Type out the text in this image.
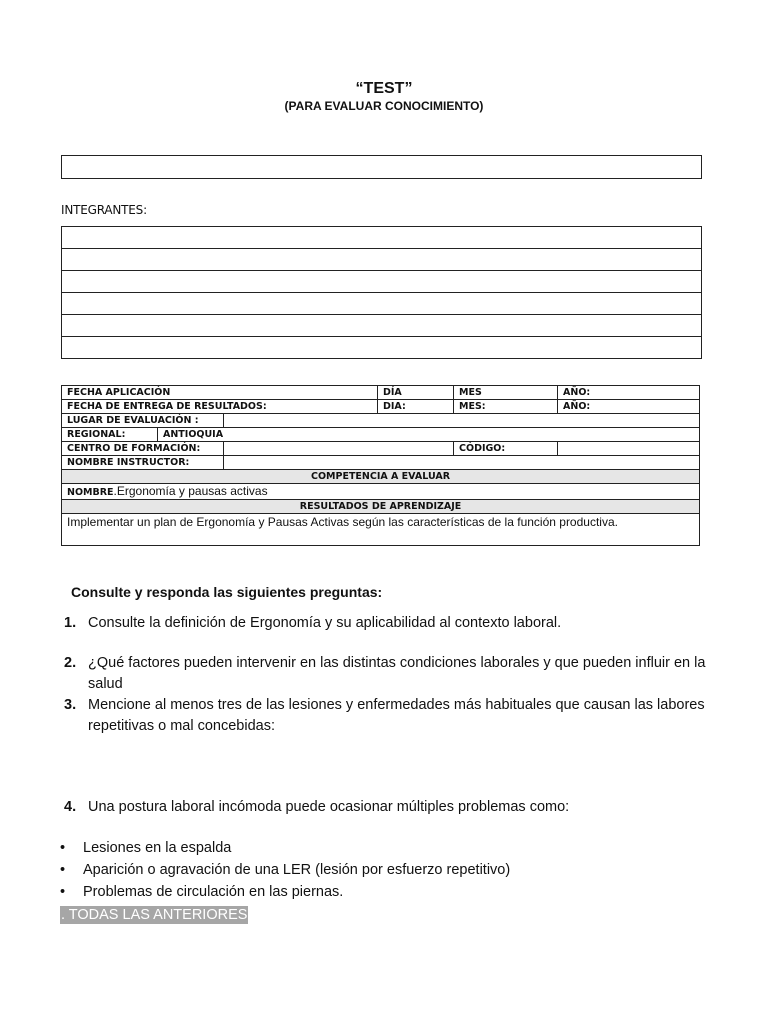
“TEST”
(PARA EVALUAR CONOCIMIENTO)
INTEGRANTES:

FECHA APLICACIÓN			DÍA	MES	AÑO:
FECHA DE ENTREGA DE RESULTADOS:			DIA:	MES:	AÑO:
LUGAR DE EVALUACIÓN :					
REGIONAL:	ANTIOQUIA				
CENTRO DE FORMACIÓN:				CÓDIGO:	
NOMBRE INSTRUCTOR:					
COMPETENCIA A EVALUAR					
NOMBRE.Ergonomía y pausas activas					
RESULTADOS DE APRENDIZAJE					
Implementar un plan de Ergonomía y Pausas Activas según las características de la función productiva.					
Consulte y responda las siguientes preguntas:
1. Consulte la definición de Ergonomía y su aplicabilidad al contexto laboral.
2. ¿Qué factores pueden intervenir en las distintas condiciones laborales y que pueden influir en la salud
3. Mencione al menos tres de las lesiones y enfermedades más habituales que causan las labores repetitivas o mal concebidas:
4. Una postura laboral incómoda puede ocasionar múltiples problemas como:
• Lesiones en la espalda
• Aparición o agravación de una LER (lesión por esfuerzo repetitivo)
• Problemas de circulación en las piernas.
. TODAS LAS ANTERIORES
